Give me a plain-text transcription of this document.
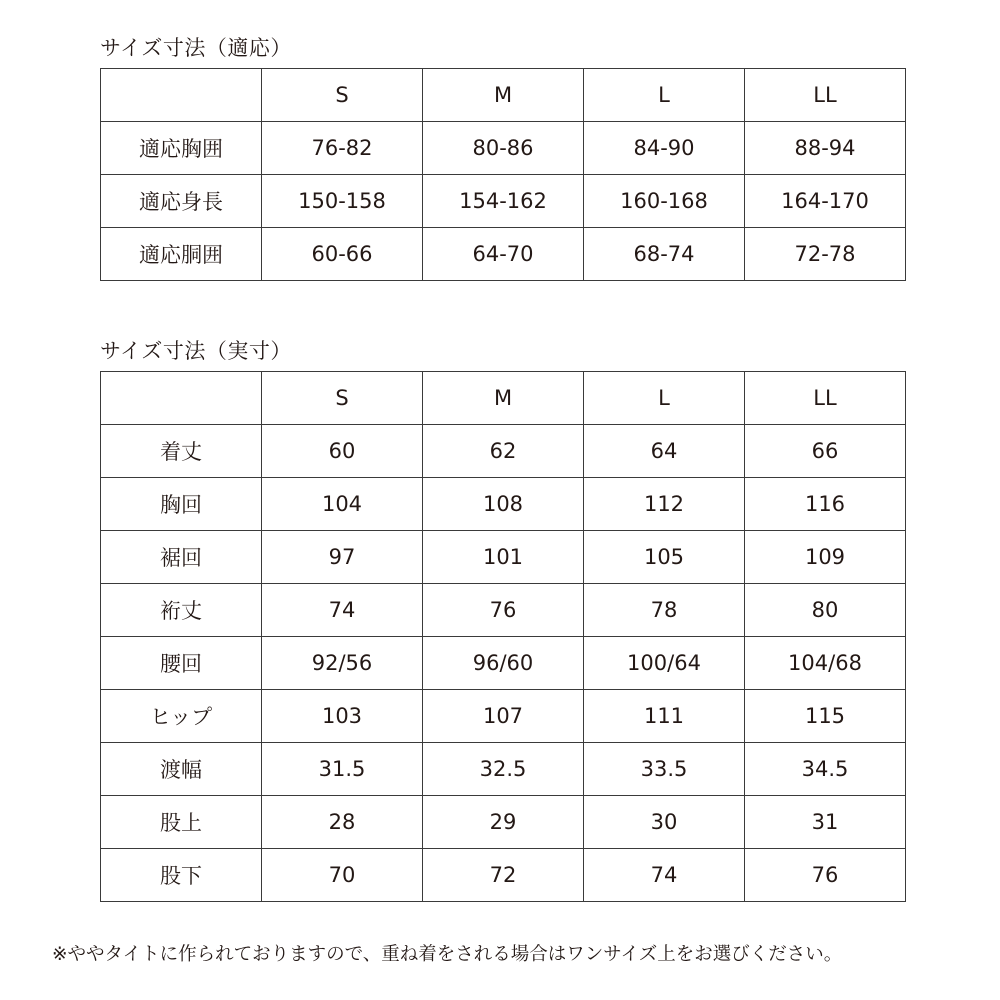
サイズ寸法（適応）
	S	M	L	LL
適応胸囲	76-82	80-86	84-90	88-94
適応身長	150-158	154-162	160-168	164-170
適応胴囲	60-66	64-70	68-74	72-78
サイズ寸法（実寸）
	S	M	L	LL
着丈	60	62	64	66
胸回	104	108	112	116
裾回	97	101	105	109
裄丈	74	76	78	80
腰回	92/56	96/60	100/64	104/68
ヒップ	103	107	111	115
渡幅	31.5	32.5	33.5	34.5
股上	28	29	30	31
股下	70	72	74	76

※ややタイトに作られておりますので、重ね着をされる場合はワンサイズ上をお選びください。
